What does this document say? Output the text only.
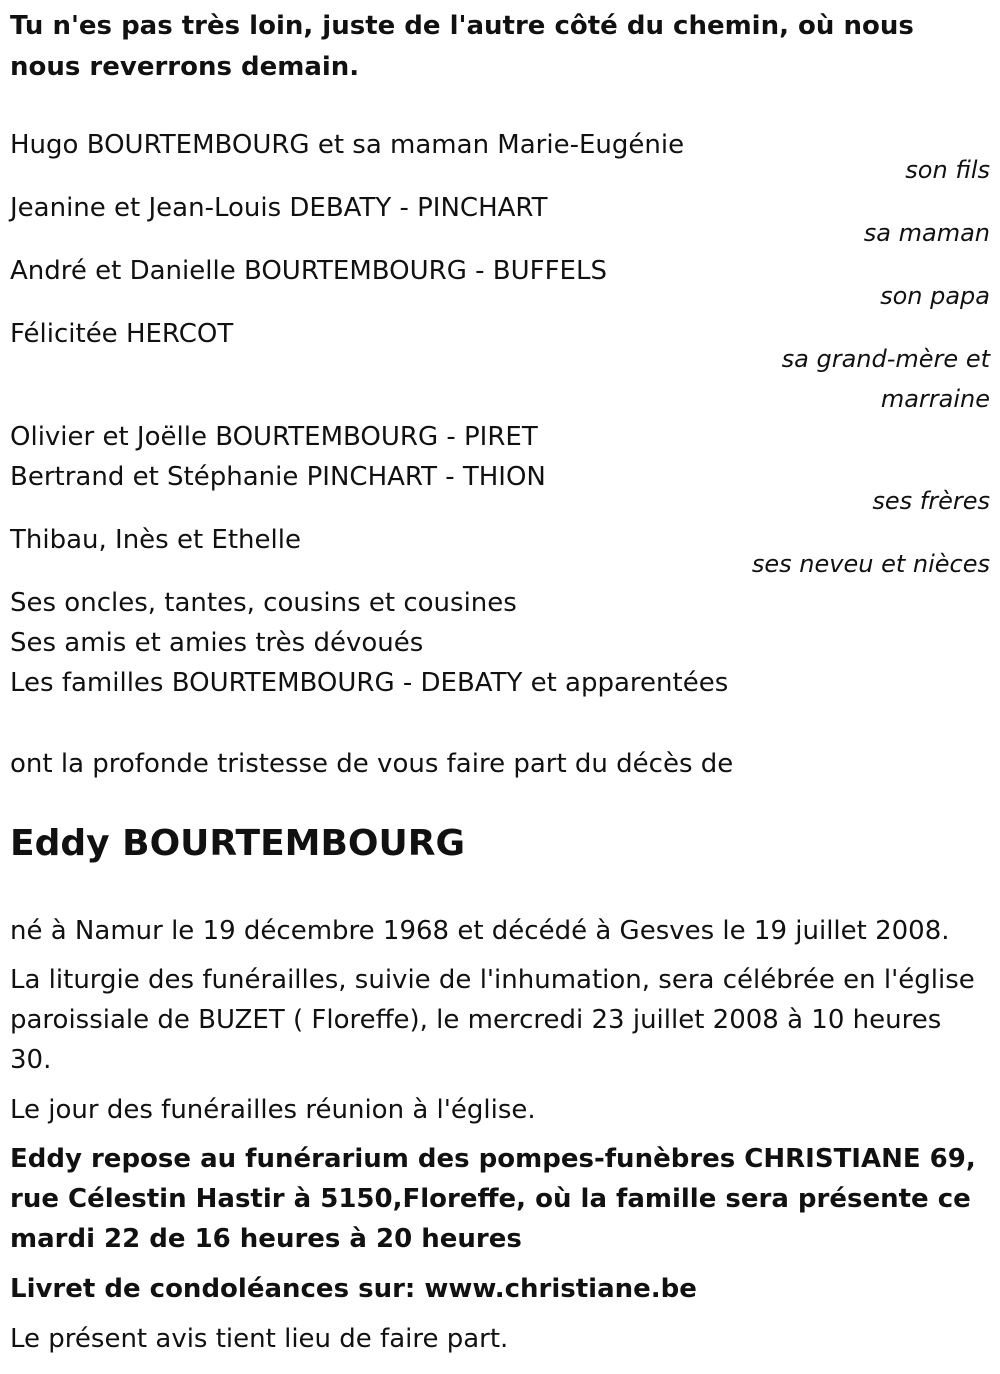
Tu n'es pas très loin, juste de l'autre côté du chemin, où nous nous reverrons demain.

Hugo BOURTEMBOURG et sa maman Marie-Eugénie
son fils
Jeanine et Jean-Louis DEBATY - PINCHART
sa maman
André et Danielle BOURTEMBOURG - BUFFELS
son papa
Félicitée HERCOT
sa grand-mère et marraine
Olivier et Joëlle BOURTEMBOURG - PIRET
Bertrand et Stéphanie PINCHART - THION
ses frères
Thibau, Inès et Ethelle
ses neveu et nièces
Ses oncles, tantes, cousins et cousines
Ses amis et amies très dévoués
Les familles BOURTEMBOURG - DEBATY et apparentées
ont la profonde tristesse de vous faire part du décès de
Eddy BOURTEMBOURG

né à Namur le 19 décembre 1968 et décédé à Gesves le 19 juillet 2008.

La liturgie des funérailles, suivie de l'inhumation, sera célébrée en l'église paroissiale de BUZET ( Floreffe), le mercredi 23 juillet 2008 à 10 heures 30.

Le jour des funérailles réunion à l'église.

Eddy repose au funérarium des pompes-funèbres CHRISTIANE 69, rue Célestin Hastir à 5150,Floreffe, où la famille sera présente ce mardi 22 de 16 heures à 20 heures

Livret de condoléances sur: www.christiane.be

Le présent avis tient lieu de faire part.
